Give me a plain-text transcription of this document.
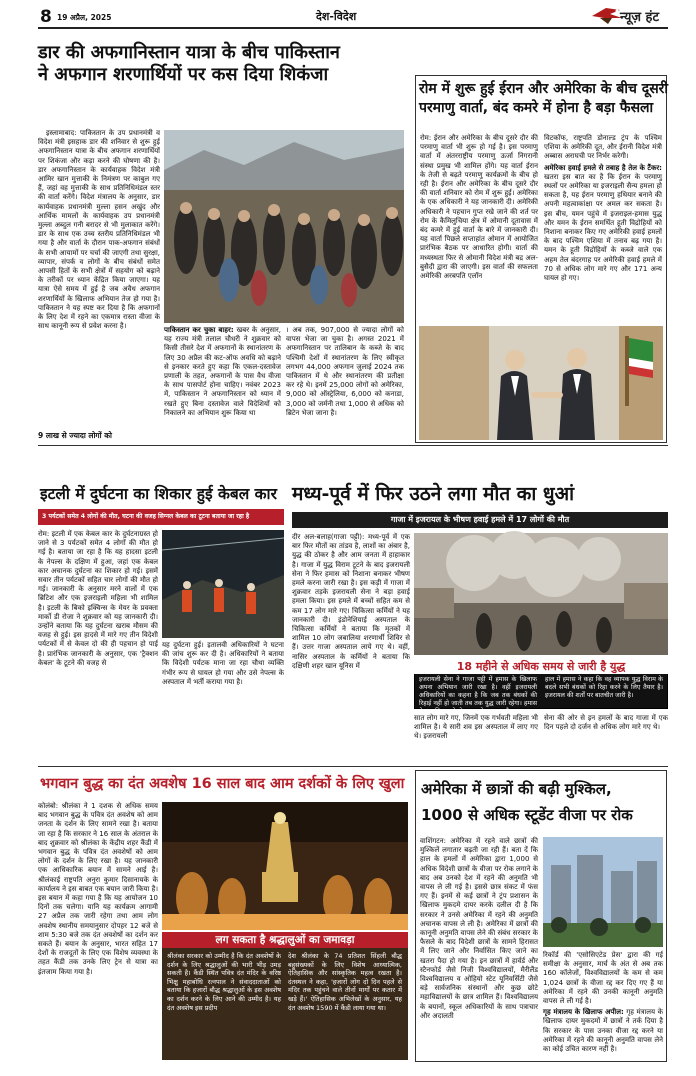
8 19 अप्रैल, 2025	देश-विदेश	न्यूज़ हंट
डार की अफगानिस्तान यात्रा के बीच पाकिस्तान
ने अफगान शरणार्थियों पर कस दिया शिकंजा

इस्लामाबाद: पाकिस्तान के उप प्रधानमंत्री व विदेश मंत्री इसहाक डार की शनिवार से शुरू हुई अफगानिस्तान यात्रा के बीच अफगान शरणार्थियों पर शिकंजा और कड़ा करने की घोषणा की है। डार अफगानिस्तान के कार्यवाहक विदेश मंत्री आमिर खान मुत्ताकी के निमंत्रण पर काबुल गए हैं, जहां वह मुत्ताकी के साथ प्रतिनिधिमंडल स्तर की वार्ता करेंगे। विदेश मंत्रालय के अनुसार, डार कार्यवाहक प्रधानमंत्री मुल्ला हसन अखुंद और आर्थिक मामलों के कार्यवाहक उप प्रधानमंत्री मुल्ला अब्दुल गनी बरादर से भी मुलाकात करेंगे। डार के साथ एक उच्च स्तरीय प्रतिनिधिमंडल भी गया है और वार्ता के दौरान पाक-अफगान संबंधों के सभी आयामों पर चर्चा की जाएगी तथा सुरक्षा, व्यापार, संपर्क व लोगों के बीच संबंधों समेत आपसी हितों के सभी क्षेत्रों में सहयोग को बढ़ाने के तरीकों पर ध्यान केंद्रित किया जाएगा। यह यात्रा ऐसे समय में हुई है जब अवैध अफगान शरणार्थियों के खिलाफ अभियान तेज हो गया है। पाकिस्तान ने यह स्पष्ट कर दिया है कि अफगानों के लिए देश में रहने का एकमात्र रास्ता वीजा के साथ कानूनी रूप से प्रवेश करना है।

9 लाख से ज्यादा लोगों को

पाकिस्तान कर चुका बाहर: खबर के अनुसार, यह राज्य मंत्री तलाल चौधरी ने शुक्रवार को किसी तीसरे देश में अफगानों के स्थानांतरण के लिए 30 अप्रैल की कट-ऑफ अवधि को बढ़ाने से इनकार करते हुए कहा कि एकल-दस्तावेज प्रणाली के तहत, अफगानों के पास वैध वीजा के साथ पासपोर्ट होना चाहिए। नवंबर 2023 में, पाकिस्तान ने अफगानिस्तान को ध्यान में रखते हुए बिना दस्तावेज वाले विदेशियों को निकालने का अभियान शुरू किया था

। अब तक, 907,000 से ज्यादा लोगों को वापस भेजा जा चुका है। अगस्त 2021 में अफगानिस्तान पर तालिबान के कब्जे के बाद पश्चिमी देशों में स्थानांतरण के लिए स्वीकृत लगभग 44,000 अफगान जुलाई 2024 तक पाकिस्तान में थे और स्थानांतरण की प्रतीक्षा कर रहे थे। इनमें 25,000 लोगों को अमेरिका, 9,000 को ऑस्ट्रेलिया, 6,000 को कनाडा, 3,000 को जर्मनी तथा 1,000 से अधिक को ब्रिटेन भेजा जाना है।

रोम में शुरू हुई ईरान और अमेरिका के बीच दूसरी
परमाणु वार्ता, बंद कमरे में होना है बड़ा फैसला

रोम: ईरान और अमेरिका के बीच दूसरे दौर की परमाणु वार्ता भी शुरू हो गई है। इस परमाणु वार्ता में अंतरराष्ट्रीय परमाणु ऊर्जा निगरानी संस्था प्रमुख भी शामिल होंगे। यह वार्ता ईरान के तेजी से बढ़ते परमाणु कार्यक्रमों के बीच हो रही है। ईरान और अमेरिका के बीच दूसरे दौर की वार्ता शनिवार को रोम में शुरू हुई। अमेरिका के एक अधिकारी ने यह जानकारी दी। अमेरिकी अधिकारी ने पहचान गुप्त रखे जाने की शर्त पर रोम के कैमिलुचिया क्षेत्र में ओमानी दूतावास में बंद कमरे में हुई वार्ता के बारे में जानकारी दी। यह वार्ता पिछले सप्ताहांत ओमान में आयोजित प्रारंभिक बैठक पर आधारित होगी। वार्ता की मध्यस्थता फिर से ओमानी विदेश मंत्री बद्र अल-बुसैदी द्वारा की जाएगी। इस वार्ता की सफलता अमेरिकी अरबपति एलॉन

विटकॉफ, राष्ट्रपति डोनाल्ड ट्रंप के पश्चिम एशिया के अमेरिकी दूत, और ईरानी विदेश मंत्री अब्बास अराघची पर निर्भर करेगी।

अमेरिका हवाई हमले से तबाह है तेल के टैंकर: खतरा इस बात का है कि ईरान के परमाणु स्थलों पर अमेरिका या इजराइली सैन्य हमला हो सकता है, यह ईरान परमाणु हथियार बनाने की अपनी महत्वाकांक्षा पर अमल कर सकता है। इस बीच, यमन पहुंचे में इजराइल-हमास युद्ध और यमन के ईरान समर्थित हूती विद्रोहियों को निशाना बनाकर किए गए अमेरिकी हवाई हमलों के बाद पश्चिम एशिया में तनाव बढ़ गया है। यमन के हूती विद्रोहियों के कब्जे वाले एक अहम तेल बंदरगाह पर अमेरिकी हवाई हमले में 70 से अधिक लोग मारे गए और 171 अन्य घायल हो गए।

इटली में दुर्घटना का शिकार हुई केबल कार
3 पर्यटकों समेत 4 लोगों की मौत, घटना की वजह सिग्नल केबल का टूटना बताया जा रहा है

रोम: इटली में एक केबल कार के दुर्घटनाग्रस्त हो जाने से 3 पर्यटकों समेत 4 लोगों की मौत हो गई है। बताया जा रहा है कि यह हादसा इटली के नेपल्स के दक्षिण में हुआ, जहां एक केबल कार अचानक दुर्घटना का शिकार हो गई। इसमें सवार तीन पर्यटकों सहित चार लोगों की मौत हो गई। जानकारी के अनुसार मरने वालों में एक ब्रिटिश और एक इजराइली महिला भी शामिल है। इटली के बिको इक्विन्स के मेयर के प्रवक्ता मार्को डी रोजा ने शुक्रवार को यह जानकारी दी। उन्होंने बताया कि यह दुर्घटना खराब मौसम की वजह से हुई। इस हादसे में मारे गए तीन विदेशी पर्यटकों में से केवल दो की ही पहचान हो पाई है। प्रारंभिक जानकारी के अनुसार, एक 'ट्रैक्शन केबल' के टूटने की वजह से

यह दुर्घटना हुई। इतालवी अधिकारियों ने घटना की जांच शुरू कर दी है। अधिकारियों ने बताया कि विदेशी पर्यटक माना जा रहा चौथा व्यक्ति गंभीर रूप से घायल हो गया और उसे नेपल्स के अस्पताल में भर्ती कराया गया है।

मध्य-पूर्व में फिर उठने लगा मौत का धुआं
गाजा में इजरायल के भीषण हवाई हमले में 17 लोगों की मौत

दीर अल-बलाह(गाजा पट्टी): मध्य-पूर्व में एक बार फिर मौतों का तांडव है, लाशों का अंबार है, युद्ध की ठोकर है और आम जनता में हाहाकार है। गाजा में युद्ध विराम टूटने के बाद इजरायली सेना ने फिर हमास को निशाना बनाकर भीषण हमले करना जारी रखा है। इस कड़ी में गाजा में शुक्रवार तड़के इजरायली सेना ने बड़ा हवाई हमला किया। इस हमले में बच्चों सहित कम से कम 17 लोग मारे गए। चिकित्सा कर्मियों ने यह जानकारी दी। इंडोनेशियाई अस्पताल के चिकित्सा कर्मियों ने बताया कि मृतकों में शामिल 10 लोग जबालिया शरणार्थी शिविर से हैं। उत्तर गाजा अस्पताल लाये गए थे। वहीं, नासिर अस्पताल के कर्मियों ने बताया कि दक्षिणी शहर खान यूनिस में	18 महीने से अधिक समय से जारी है युद्ध
इजरायली सेना ने गाजा पट्टी में हमास के खिलाफ अपना अभियान जारी रखा है। वहीं इजरायली अधिकारियों का कहना है कि जब तक बंधकों की रिहाई नहीं हो जाती तब तक युद्ध जारी रहेगा। हमास ने युद्ध विराम तोड़ने का आरोप लगाया है।
हाल में हमास ने कहा कि वह व्यापक युद्ध विराम के बदले सभी बंधकों को रिहा करने के लिए तैयार है। इजरायल की शर्तों पर बातचीत जारी है।

सात लोग मारे गए, जिनमें एक गर्भवती महिला भी शामिल है। ये सारी शव इस अस्पताल में लाए गए थे। इजरायली

सेना की ओर से इन हमलों के बाद गाजा में एक दिन पहले दो दर्जन से अधिक लोग मारे गए थे।

भगवान बुद्ध का दंत अवशेष 16 साल बाद आम दर्शकों के लिए खुला

कोलंबो: श्रीलंका ने 1 दशक से अधिक समय बाद भगवान बुद्ध के पवित्र दंत अवशेष को आम जनता के दर्शन के लिए सामने रखा है। बताया जा रहा है कि सरकार ने 16 साल के अंतराल के बाद शुक्रवार को श्रीलंका के केंद्रीय शहर कैंडी में भगवान बुद्ध के पवित्र दंत अवशेषों को आम लोगों के दर्शन के लिए रखा है। यह जानकारी एक आधिकारिक बयान में सामने आई है। श्रीलंकाई राष्ट्रपति अनुरा कुमार दिसानायके के कार्यालय ने इस बाबत एक बयान जारी किया है। इस बयान में कहा गया है कि यह आयोजन 10 दिनों तक चलेगा। यानि यह कार्यक्रम आगामी 27 अप्रैल तक जारी रहेगा तथा आम लोग अवशेष स्थानीय समयानुसार दोपहर 12 बजे से शाम 5:30 बजे तक दंत अवशेषों का दर्शन कर सकते हैं। बयान के अनुसार, भारत सहित 17 देशों के राजदूतों के लिए एक विशेष व्यवस्था के तहत कैंडी तक उनके लिए ट्रेन से यात्रा का इंतजाम किया गया है।

लग सकता है श्रद्धालुओं का जमावड़ा
श्रीलंका सरकार को उम्मीद है कि दंत अवशेषों के दर्शन के लिए श्रद्धालुओं की भारी भीड़ उमड़ सकती है। कैंडी स्थित पवित्र दंत मंदिर के वरिष्ठ भिक्षु महाबोधि रत्नपाल ने संवाददाताओं को बताया कि हजारों बौद्ध श्रद्धालुओं के इस अवशेष का दर्शन करने के लिए आने की उम्मीद है। यह दंत अवशेष इस प्रदीप
देश श्रीलंका के 74 प्रतिशत सिंहली बौद्ध बहुसंख्यकों के लिए विशेष आध्यात्मिक, ऐतिहासिक और सांस्कृतिक महत्व रखता है। दंतस्थल ने कहा, 'हजारों लोग दो दिन पहले से मंदिर तक पहुंचने वाले तीनों मार्गों पर कतार में खड़े हैं।' ऐतिहासिक अभिलेखों के अनुसार, यह दंत अवशेष 1590 में कैंडी लाया गया था।
अमेरिका में छात्रों की बढ़ी मुश्किल,
1000 से अधिक स्टूडेंट वीजा पर रोक

वाशिंगटन: अमेरिका में रहने वाले छात्रों की मुश्किलें लगातार बढ़ती जा रही हैं। बता दें कि हाल के हमलों में अमेरिका द्वारा 1,000 से अधिक विदेशी छात्रों के वीजा पर रोक लगाने के बाद अब उनको देश में रहने की अनुमति भी वापस ले ली गई है। इससे छात्र संकट में फंस गए हैं। इनमें से कई छात्रों ने ट्रंप प्रशासन के खिलाफ मुकदमे दायर करके दलील दी है कि सरकार ने उनसे अमेरिका में रहने की अनुमति अचानक वापस ले ली है। अमेरिका में छात्रों की कानूनी अनुमति वापस लेने की संबंध सरकार के फैसले के बाद विदेशी छात्रों के सामने हिरासत में लिए जाने और निर्वासित किए जाने का खतरा पैदा हो गया है। इन छात्रों में हार्वर्ड और स्टैनफोर्ड जैसे निजी विश्वविद्यालयों, मैरीलैंड विश्वविद्यालय व ओहियो स्टेट यूनिवर्सिटी जैसे बड़े सार्वजनिक संस्थानों और कुछ छोटे महाविद्यालयों के छात्र शामिल हैं। विश्वविद्यालय के बयानों, स्कूल अधिकारियों के साथ पत्राचार और अदालती

रिकॉर्ड की 'एसोसिएटेड प्रेस' द्वारा की गई समीक्षा के अनुसार, मार्च के अंत से अब तक 160 कॉलेजों, विश्वविद्यालयों के कम से कम 1,024 छात्रों के वीजा रद्द कर दिए गए हैं या अमेरिका में रहने की उनकी कानूनी अनुमति वापस ले ली गई है।

गृह मंत्रालय के खिलाफ अपील: गृह मंत्रालय के खिलाफ दायर मुकदमों में छात्रों ने तर्क दिया है कि सरकार के पास उनका वीजा रद्द करने या अमेरिका में रहने की कानूनी अनुमति वापस लेने का कोई उचित कारण नहीं है।
